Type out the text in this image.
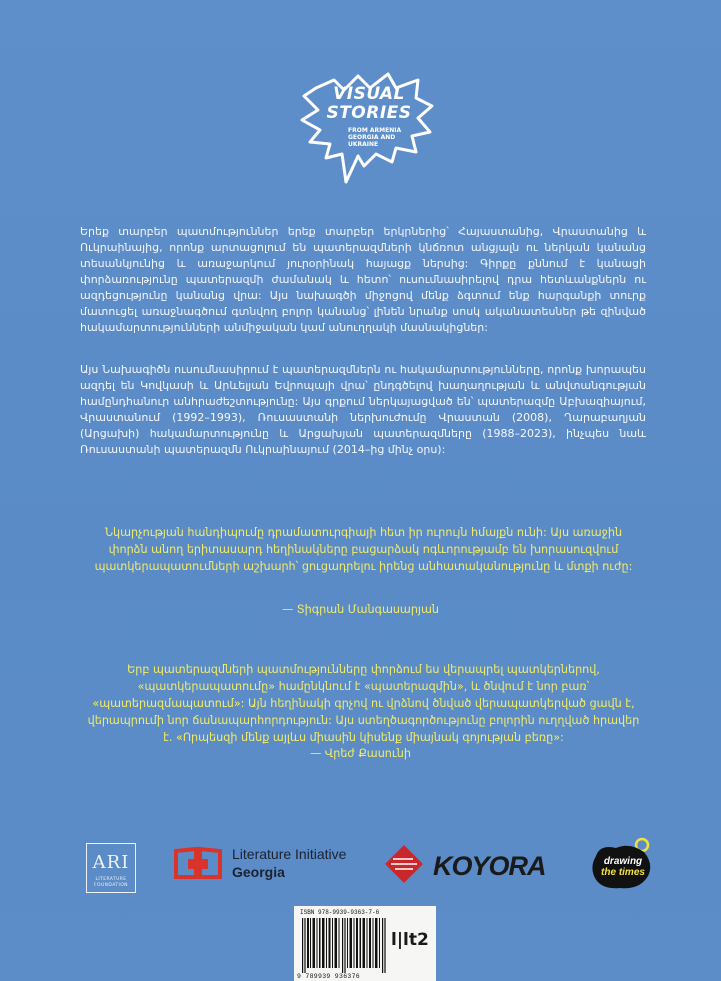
VISUAL
STORIES
FROM ARMENIA GEORGIA AND UKRAINE
Երեք տարբեր պատմություններ երեք տարբեր երկրներից՝ Հայաստանից, Վրաստանից և Ուկրաինայից, որոնք արտացոլում են պատերազմների կնճռոտ անցյալն ու ներկան կանանց տեսանկյունից և առաջարկում յուրօրինակ հայացք ներսից: Գիրքը քննում է կանացի փորձառությունը պատերազմի ժամանակ և հետո՝ ուսումնասիրելով դրա հետևանքներն ու ազդեցությունը կանանց վրա: Այս նախագծի միջոցով մենք ձգտում ենք հարգանքի տուրք մատուցել առաջնագծում գտնվող բոլոր կանանց՝ լինեն նրանք սոսկ ականատեսներ թե զինված հակամարտությունների անմիջական կամ անուղղակի մասնակիցներ:
Այս Նախագիծն ուսումնասիրում է պատերազմներն ու հակամարտությունները, որոնք խորապես ազդել են Կովկասի և Արևելյան Եվրոպայի վրա՝ ընդգծելով խաղաղության և անվտանգության համընդհանուր անհրաժեշտությունը: Այս գրքում ներկայացված են՝ պատերազմը Աբխազիայում, Վրաստանում (1992–1993), Ռուսաստանի ներխուժումը Վրաստան (2008), Ղարաբաղյան (Արցախի) հակամարտությունը և Արցախյան պատերազմները (1988–2023), ինչպես նաև Ռուսաստանի պատերազմն Ուկրաինայում (2014–ից մինչ օրս):
Նկարչության հանդիպումը դրամատուրգիայի հետ իր ուրույն հմայքն ունի: Այս առաջին փորձն անող երիտասարդ հեղինակները բացարձակ ոգևորությամբ են խորասուզվում պատկերապատումների աշխարհ՝ ցուցադրելու իրենց անհատականությունը և մտքի ուժը:
— Տիգրան Մանգասարյան
Երբ պատերազմների պատմությունները փորձում ես վերապրել պատկերներով, «պատկերապատումը» համընկնում է «պատերազմին», և ծնվում է նոր բառ՝ «պատերազմապատում»: Այն հեղինակի գրչով ու վրձնով ծնված վերապատկերված ցավն է, վերապրումի նոր ճանապարհորդություն: Այս ստեղծագործությունը բոլորին ուղղված հրավեր է. «Որպեսզի մենք այլևս միասին կիսենք միայնակ գոյության բեռը»:
— Վրեժ Քասունի
ARI
LITERATURE FOUNDATION
Literature Initiative
Georgia	KOYORA	drawing
the times
ISBN 978-9939-9363-7-6
9 789939 936376
l|lt2
